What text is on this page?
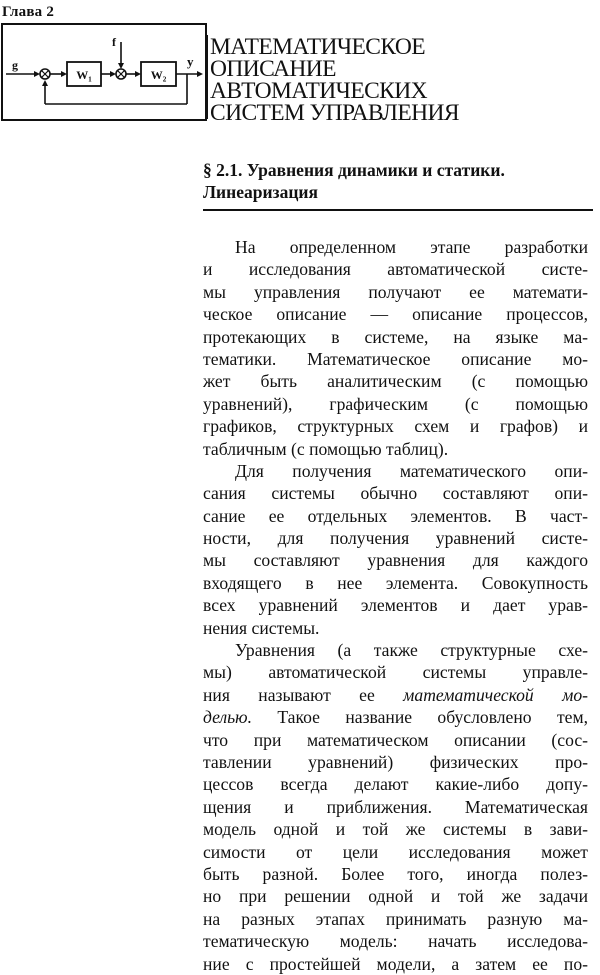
Глава 2
W₁
f
W₂
y
g
МАТЕМАТИЧЕСКОЕ
ОПИСАНИЕ
АВТОМАТИЧЕСКИХ
СИСТЕМ УПРАВЛЕНИЯ
§ 2.1. Уравнения динамики и статики.
Линеаризация
На определенном этапе разработки
и исследования автоматической систе-
мы управления получают ее математи-
ческое описание — описание процессов,
протекающих в системе, на языке ма-
тематики. Математическое описание мо-
жет быть аналитическим (с помощью
уравнений), графическим (с помощью
графиков, структурных схем и графов) и
табличным (с помощью таблиц).
Для получения математического опи-
сания системы обычно составляют опи-
сание ее отдельных элементов. В част-
ности, для получения уравнений систе-
мы составляют уравнения для каждого
входящего в нее элемента. Совокупность
всех уравнений элементов и дает урав-
нения системы.
Уравнения (а также структурные схе-
мы) автоматической системы управле-
ния называют ее математической мо-
делью. Такое название обусловлено тем,
что при математическом описании (сос-
тавлении уравнений) физических про-
цессов всегда делают какие-либо допу-
щения и приближения. Математическая
модель одной и той же системы в зави-
симости от цели исследования может
быть разной. Более того, иногда полез-
но при решении одной и той же задачи
на разных этапах принимать разную ма-
тематическую модель: начать исследова-
ние с простейшей модели, а затем ее по-
